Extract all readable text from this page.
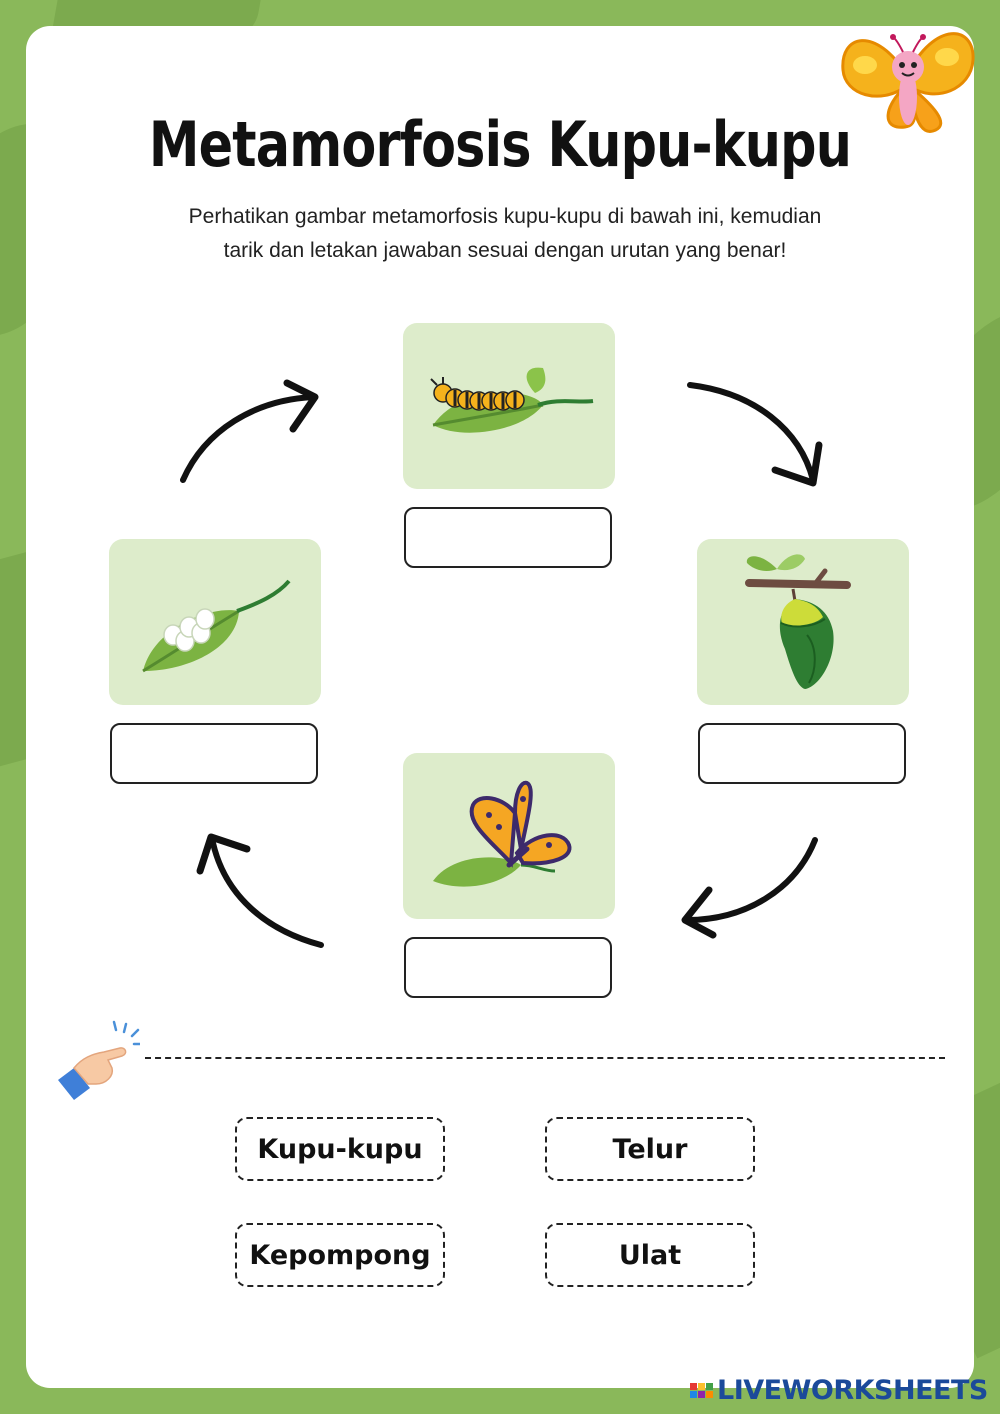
Metamorfosis Kupu-kupu
Perhatikan gambar metamorfosis kupu-kupu di bawah ini, kemudian
tarik dan letakan jawaban sesuai dengan urutan yang benar!
Kupu-kupu	Telur
Kepompong	Ulat
LIVEWORKSHEETS
